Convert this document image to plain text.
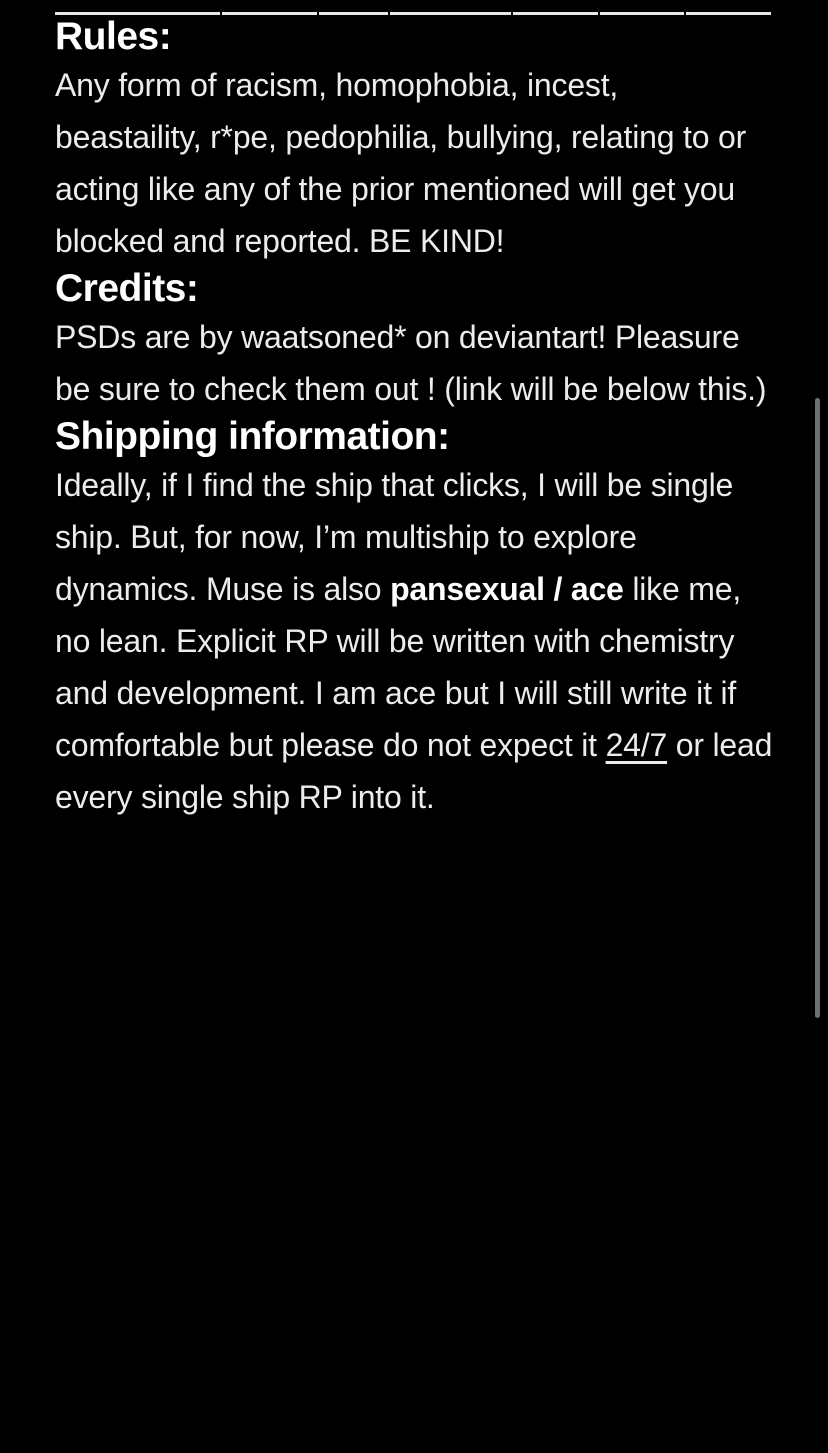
Rules:

Any form of racism, homophobia, incest, beastaility, r*pe, pedophilia, bullying, relating to or acting like any of the prior mentioned will get you blocked and reported. BE KIND!

Credits:

PSDs are by waatsoned* on deviantart! Pleasure be sure to check them out ! (link will be below this.)

Shipping information:

Ideally, if I find the ship that clicks, I will be single ship. But, for now, I’m multiship to explore dynamics. Muse is also pansexual / ace like me, no lean. Explicit RP will be written with chemistry and development. I am ace but I will still write it if comfortable but please do not expect it 24/7 or lead every single ship RP into it.
